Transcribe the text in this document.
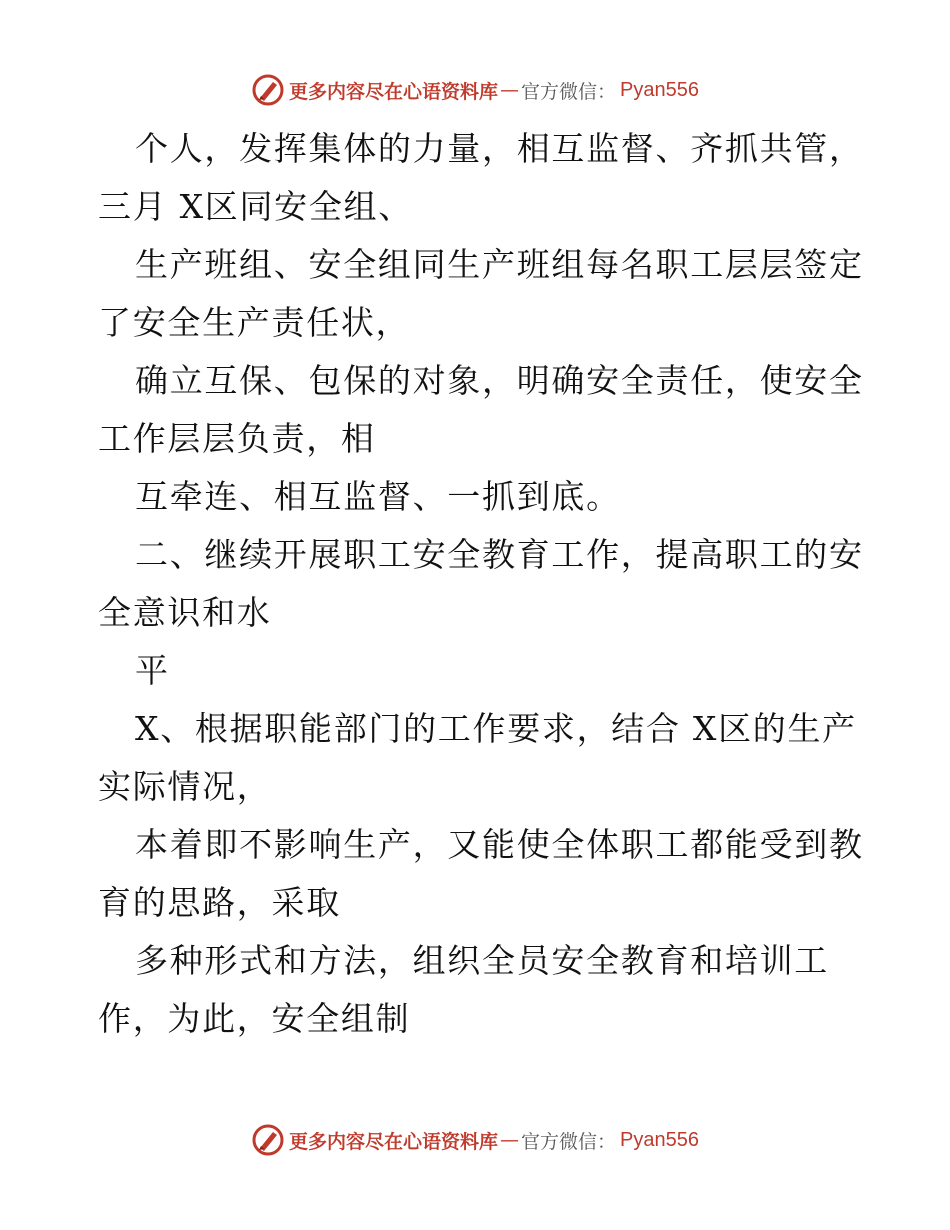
更多内容尽在心语资料库 — 官方微信： Pyan556
个人，发挥集体的力量，相互监督、齐抓共管，
三月 X区同安全组、
生产班组、安全组同生产班组每名职工层层签定
了安全生产责任状，
确立互保、包保的对象，明确安全责任，使安全
工作层层负责，相
互牵连、相互监督、一抓到底。
二、继续开展职工安全教育工作，提高职工的安
全意识和水
平
X、根据职能部门的工作要求，结合 X区的生产
实际情况，
本着即不影响生产，又能使全体职工都能受到教
育的思路，采取
多种形式和方法，组织全员安全教育和培训工
作，为此，安全组制
更多内容尽在心语资料库 — 官方微信： Pyan556
